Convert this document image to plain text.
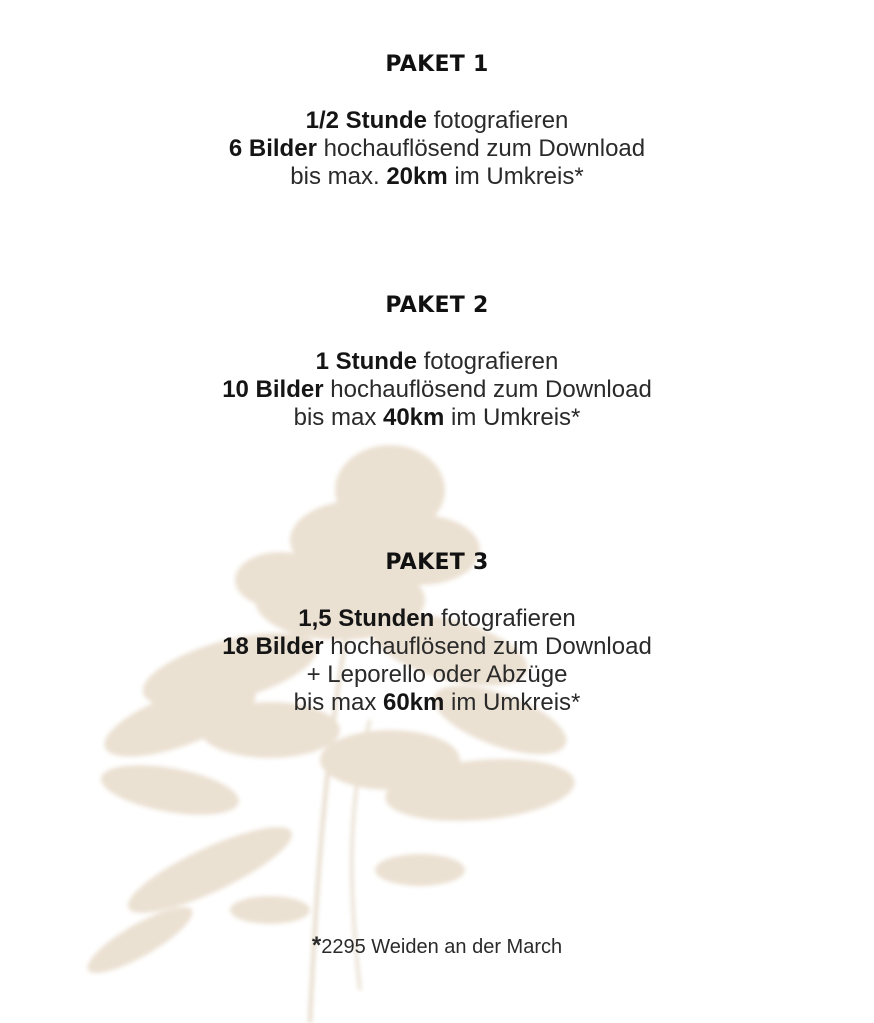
PAKET 1
1/2 Stunde fotografieren
6 Bilder hochauflösend zum Download
bis max. 20km im Umkreis*
PAKET 2
1 Stunde fotografieren
10 Bilder hochauflösend zum Download
bis max 40km im Umkreis*
PAKET 3
1,5 Stunden fotografieren
18 Bilder hochauflösend zum Download
+ Leporello oder Abzüge
bis max 60km im Umkreis*
*2295 Weiden an der March
